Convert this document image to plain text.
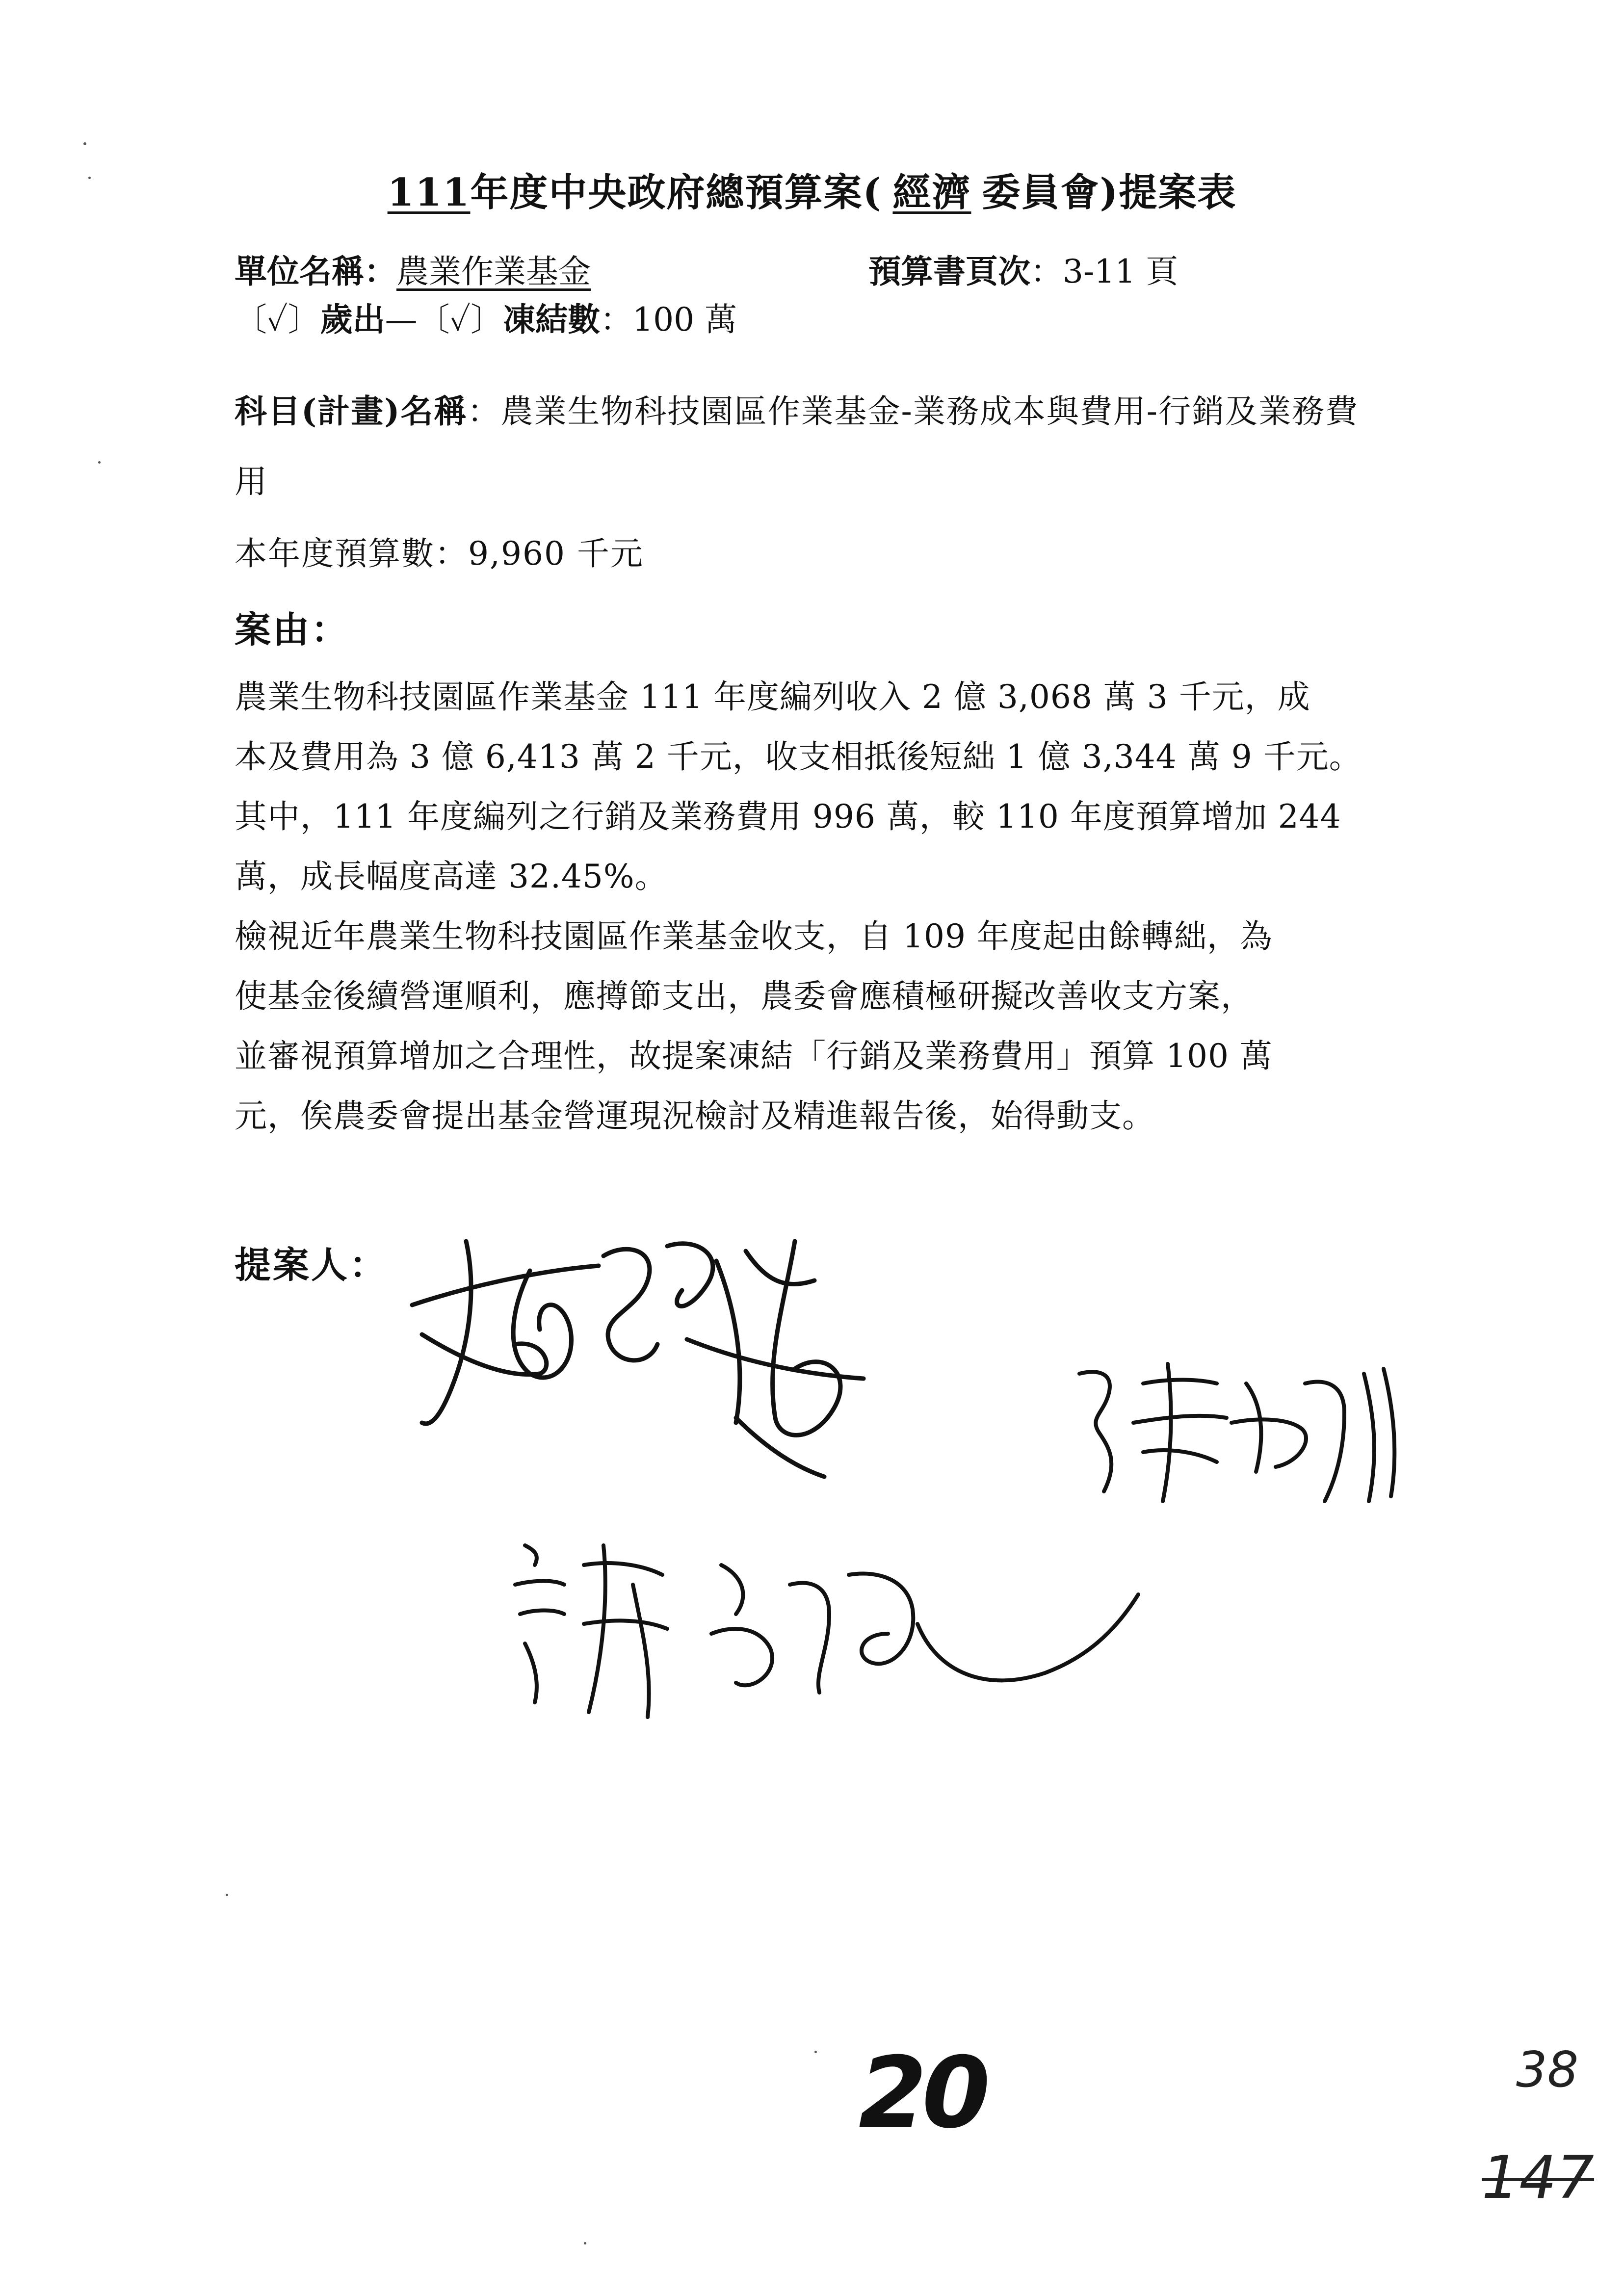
111年度中央政府總預算案( 經濟 委員會)提案表
單位名稱：農業作業基金	預算書頁次：3-11 頁
〔✓〕歲出—〔✓〕凍結數：100 萬
科目(計畫)名稱：農業生物科技園區作業基金-業務成本與費用-行銷及業務費
用
本年度預算數：9,960 千元
案由：
農業生物科技園區作業基金 111 年度編列收入 2 億 3,068 萬 3 千元，成
本及費用為 3 億 6,413 萬 2 千元，收支相抵後短絀 1 億 3,344 萬 9 千元。
其中，111 年度編列之行銷及業務費用 996 萬，較 110 年度預算增加 244
萬，成長幅度高達 32.45%。
檢視近年農業生物科技園區作業基金收支，自 109 年度起由餘轉絀，為
使基金後續營運順利，應撙節支出，農委會應積極研擬改善收支方案，
並審視預算增加之合理性，故提案凍結「行銷及業務費用」預算 100 萬
元，俟農委會提出基金營運現況檢討及精進報告後，始得動支。
提案人：
20	38
147
